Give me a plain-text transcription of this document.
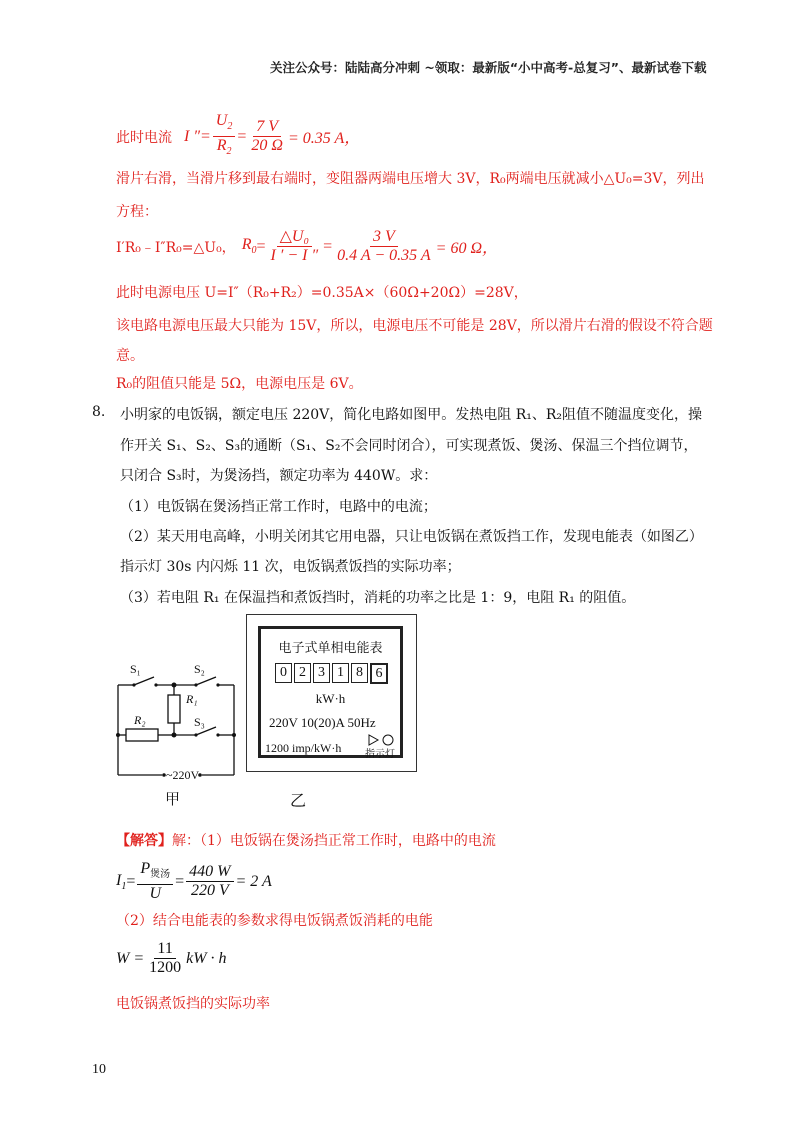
关注公众号：陆陆高分冲刺 ~领取：最新版“小中高考-总复习”、最新试卷下载
此时电流 I ″= $\frac{U_2}{R_2} = \frac{7 V}{20 \Omega} = 0.35$ A，
滑片右滑，当滑片移到最右端时，变阻器两端电压增大 3V，R₀两端电压就减小△U₀=3V，列出
方程：
I′R₀﹣I″R₀=△U₀， $R_0 = \frac{\text{△U₀}}{I ' - I ''} = \frac{3 V}{0.4 A - 0.35 A} = 60$ Ω，
此时电源电压 U=I″（R₀+R₂）=0.35A×（60Ω+20Ω）=28V，
该电路电源电压最大只能为 15V，所以，电源电压不可能是 28V，所以滑片右滑的假设不符合题
意。
R₀的阻值只能是 5Ω，电源电压是 6V。
8. 小明家的电饭锅，额定电压 220V，简化电路如图甲。发热电阻 R₁、R₂阻值不随温度变化，操
作开关 S₁、S₂、S₃的通断（S₁、S₂不会同时闭合），可实现煮饭、煲汤、保温三个挡位调节，
只闭合 S₃时，为煲汤挡，额定功率为 440W。求：
（1）电饭锅在煲汤挡正常工作时，电路中的电流；
（2）某天用电高峰，小明关闭其它用电器，只让电饭锅在煮饭挡工作，发现电能表（如图乙）
指示灯 30s 内闪烁 11 次，电饭锅煮饭挡的实际功率；
（3）若电阻 R₁ 在保温挡和煮饭挡时，消耗的功率之比是 1：9，电阻 R₁ 的阻值。
S₁	S₂
R₁
R₂	S₃
~220V
甲
电子式单相电能表
0 2 3 1 8 6
kW·h
220V 10(20)A 50Hz
1200 imp/kW·h 指示灯
乙
【解答】解：（1）电饭锅在煲汤挡正常工作时，电路中的电流
$I_1 = \frac{P_{煲汤}}{U} = \frac{440 W}{220 V} = 2$ A
（2）结合电能表的参数求得电饭锅煮饭消耗的电能
$W = \frac{11}{1200}$ kW · h
电饭锅煮饭挡的实际功率
10
